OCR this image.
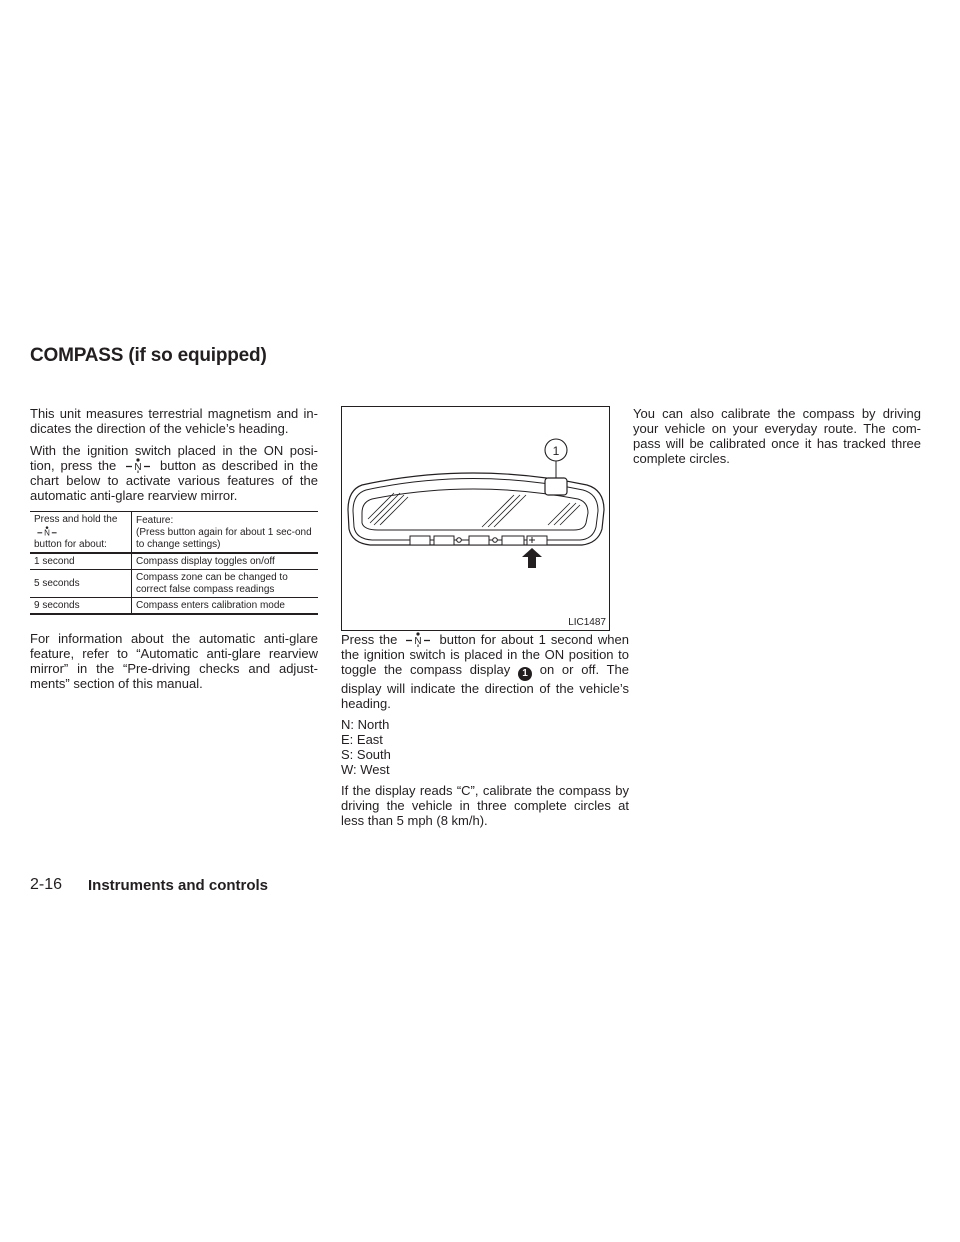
COMPASS (if so equipped)

This unit measures terrestrial magnetism and in-dicates the direction of the vehicle’s heading.

With the ignition switch placed in the ON posi-tion, press the N button as described in the chart below to activate various features of the automatic anti-glare rearview mirror.

Press and hold the
N

button for about:	Feature:
(Press button again for about 1 sec-ond to change settings)
1 second	Compass display toggles on/off
5 seconds	Compass zone can be changed to correct false compass readings
9 seconds	Compass enters calibration mode

For information about the automatic anti-glare feature, refer to “Automatic anti-glare rearview mirror” in the “Pre-driving checks and adjust-ments” section of this manual.

1
LIC1487

Press the N button for about 1 second when the ignition switch is placed in the ON position to toggle the compass display 1 on or off. The display will indicate the direction of the vehicle’s heading.

N: North
E: East
S: South
W: West

If the display reads “C”, calibrate the compass by driving the vehicle in three complete circles at less than 5 mph (8 km/h).

You can also calibrate the compass by driving your vehicle on your everyday route. The com-pass will be calibrated once it has tracked three complete circles.

2-16 Instruments and controls
